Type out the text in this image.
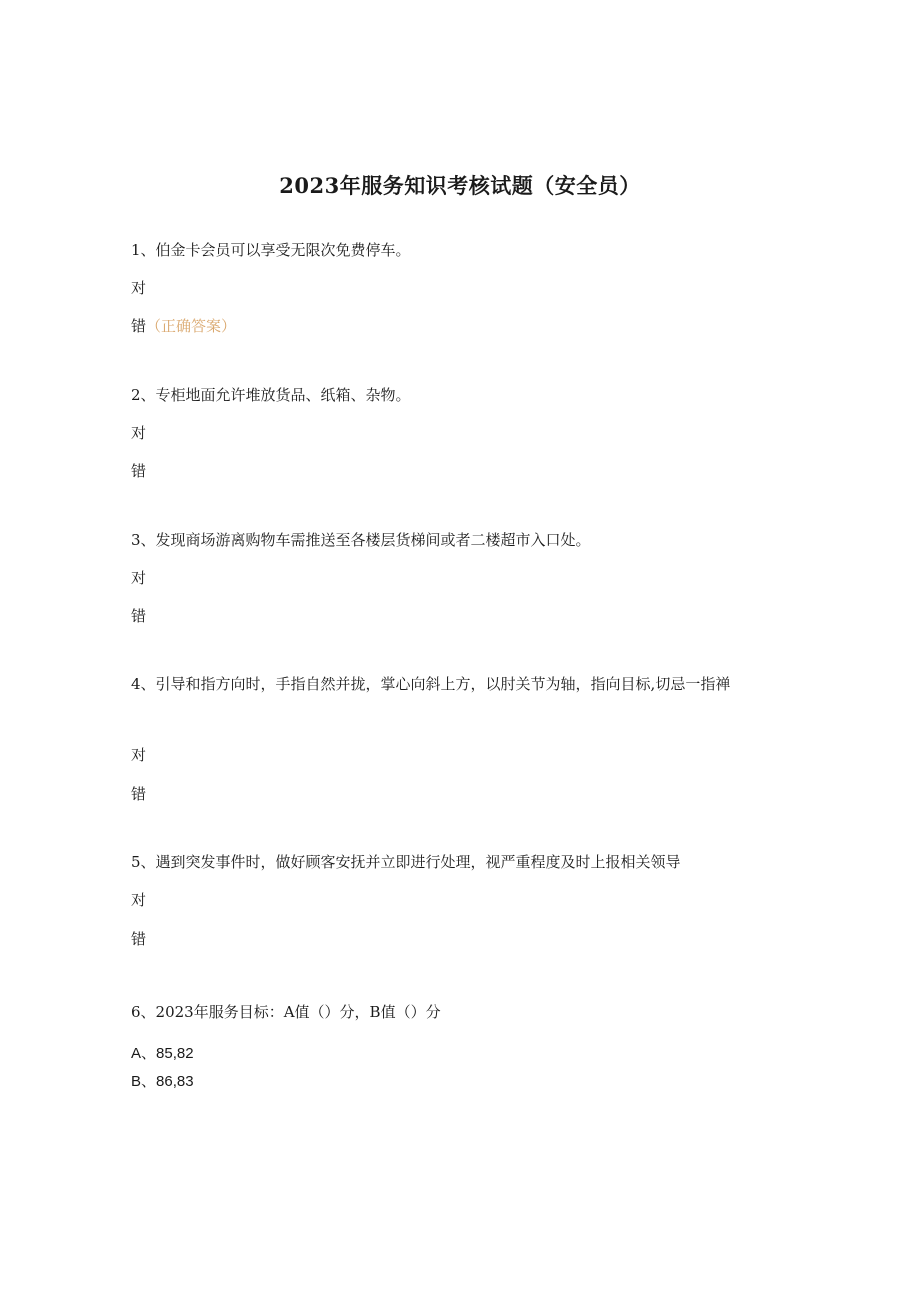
2023年服务知识考核试题（安全员）
1、伯金卡会员可以享受无限次免费停车。
对
错（正确答案）
2、专柜地面允许堆放货品、纸箱、杂物。
对
错
3、发现商场游离购物车需推送至各楼层货梯间或者二楼超市入口处。
对
错
4、引导和指方向时，手指自然并拢，掌心向斜上方，以肘关节为轴，指向目标,切忌一指禅
对
错
5、遇到突发事件时，做好顾客安抚并立即进行处理，视严重程度及时上报相关领导
对
错
6、2023年服务目标：A值（）分，B值（）分
A、85,82
B、86,83
